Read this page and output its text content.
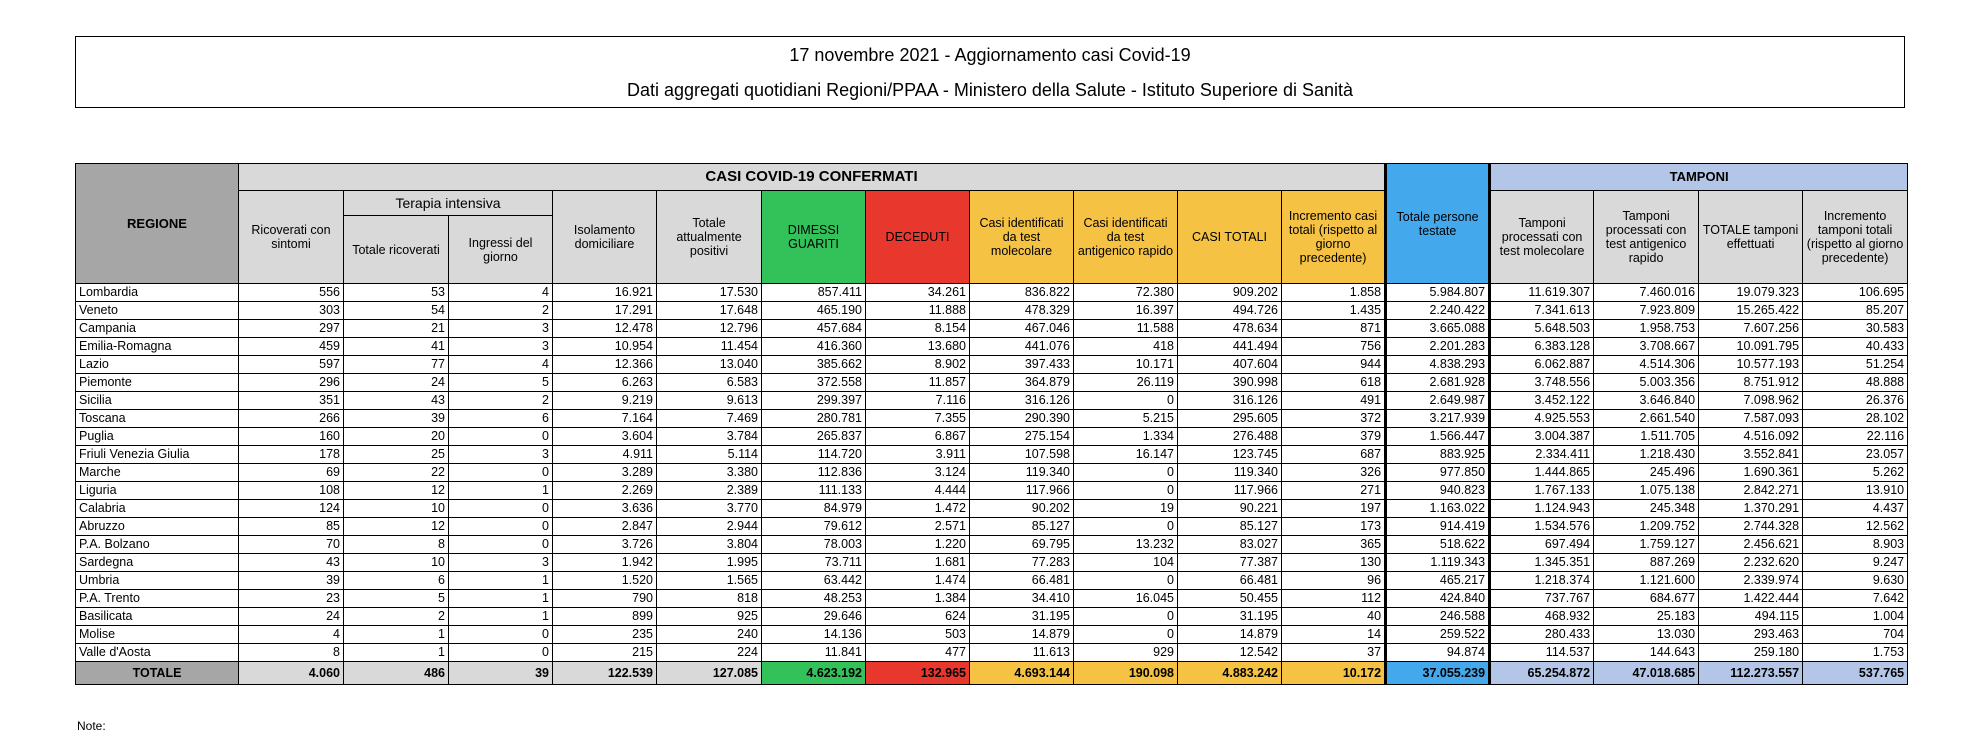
17 novembre 2021 - Aggiornamento casi Covid-19
Dati aggregati quotidiani Regioni/PPAA - Ministero della Salute - Istituto Superiore di Sanità
REGIONE	CASI COVID-19 CONFERMATI											Totale persone testate	TAMPONI			
	Ricoverati con sintomi	Terapia intensiva		Isolamento domiciliare	Totale attualmente positivi	DIMESSI GUARITI	DECEDUTI	Casi identificati da test molecolare	Casi identificati da test antigenico rapido	CASI TOTALI	Incremento casi totali (rispetto al giorno precedente)		Tamponi processati con test molecolare	Tamponi processati con test antigenico rapido	TOTALE tamponi effettuati	Incremento tamponi totali (rispetto al giorno precedente)
		Totale ricoverati	Ingressi del giorno													
Lombardia	556	53	4	16.921	17.530	857.411	34.261	836.822	72.380	909.202	1.858	5.984.807	11.619.307	7.460.016	19.079.323	106.695
Veneto	303	54	2	17.291	17.648	465.190	11.888	478.329	16.397	494.726	1.435	2.240.422	7.341.613	7.923.809	15.265.422	85.207
Campania	297	21	3	12.478	12.796	457.684	8.154	467.046	11.588	478.634	871	3.665.088	5.648.503	1.958.753	7.607.256	30.583
Emilia-Romagna	459	41	3	10.954	11.454	416.360	13.680	441.076	418	441.494	756	2.201.283	6.383.128	3.708.667	10.091.795	40.433
Lazio	597	77	4	12.366	13.040	385.662	8.902	397.433	10.171	407.604	944	4.838.293	6.062.887	4.514.306	10.577.193	51.254
Piemonte	296	24	5	6.263	6.583	372.558	11.857	364.879	26.119	390.998	618	2.681.928	3.748.556	5.003.356	8.751.912	48.888
Sicilia	351	43	2	9.219	9.613	299.397	7.116	316.126	0	316.126	491	2.649.987	3.452.122	3.646.840	7.098.962	26.376
Toscana	266	39	6	7.164	7.469	280.781	7.355	290.390	5.215	295.605	372	3.217.939	4.925.553	2.661.540	7.587.093	28.102
Puglia	160	20	0	3.604	3.784	265.837	6.867	275.154	1.334	276.488	379	1.566.447	3.004.387	1.511.705	4.516.092	22.116
Friuli Venezia Giulia	178	25	3	4.911	5.114	114.720	3.911	107.598	16.147	123.745	687	883.925	2.334.411	1.218.430	3.552.841	23.057
Marche	69	22	0	3.289	3.380	112.836	3.124	119.340	0	119.340	326	977.850	1.444.865	245.496	1.690.361	5.262
Liguria	108	12	1	2.269	2.389	111.133	4.444	117.966	0	117.966	271	940.823	1.767.133	1.075.138	2.842.271	13.910
Calabria	124	10	0	3.636	3.770	84.979	1.472	90.202	19	90.221	197	1.163.022	1.124.943	245.348	1.370.291	4.437
Abruzzo	85	12	0	2.847	2.944	79.612	2.571	85.127	0	85.127	173	914.419	1.534.576	1.209.752	2.744.328	12.562
P.A. Bolzano	70	8	0	3.726	3.804	78.003	1.220	69.795	13.232	83.027	365	518.622	697.494	1.759.127	2.456.621	8.903
Sardegna	43	10	3	1.942	1.995	73.711	1.681	77.283	104	77.387	130	1.119.343	1.345.351	887.269	2.232.620	9.247
Umbria	39	6	1	1.520	1.565	63.442	1.474	66.481	0	66.481	96	465.217	1.218.374	1.121.600	2.339.974	9.630
P.A. Trento	23	5	1	790	818	48.253	1.384	34.410	16.045	50.455	112	424.840	737.767	684.677	1.422.444	7.642
Basilicata	24	2	1	899	925	29.646	624	31.195	0	31.195	40	246.588	468.932	25.183	494.115	1.004
Molise	4	1	0	235	240	14.136	503	14.879	0	14.879	14	259.522	280.433	13.030	293.463	704
Valle d'Aosta	8	1	0	215	224	11.841	477	11.613	929	12.542	37	94.874	114.537	144.643	259.180	1.753
TOTALE	4.060	486	39	122.539	127.085	4.623.192	132.965	4.693.144	190.098	4.883.242	10.172	37.055.239	65.254.872	47.018.685	112.273.557	537.765
Note:
